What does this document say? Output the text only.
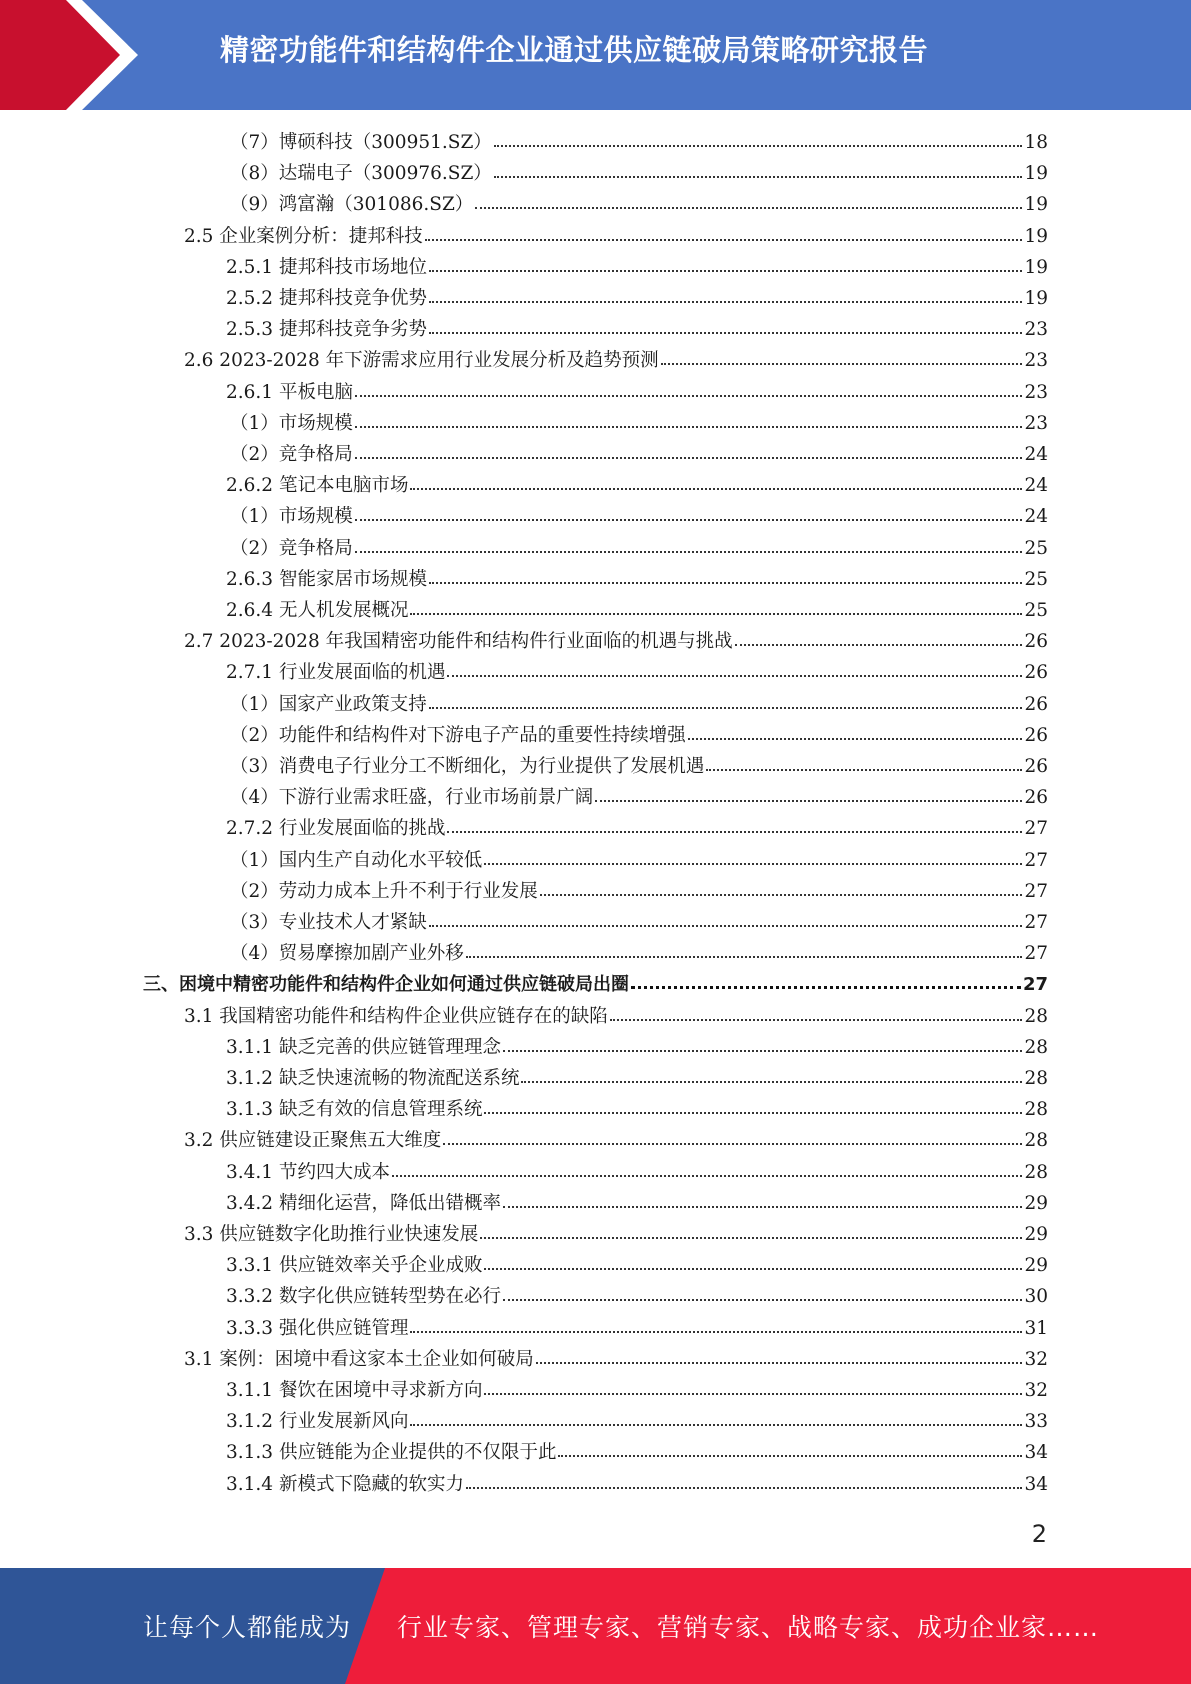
精密功能件和结构件企业通过供应链破局策略研究报告
（7）博硕科技（300951.SZ）	18
（8）达瑞电子（300976.SZ）	19
（9）鸿富瀚（301086.SZ）	19
2.5 企业案例分析：捷邦科技	19
2.5.1 捷邦科技市场地位	19
2.5.2 捷邦科技竞争优势	19
2.5.3 捷邦科技竞争劣势	23
2.6 2023-2028 年下游需求应用行业发展分析及趋势预测	23
2.6.1 平板电脑	23
（1）市场规模	23
（2）竞争格局	24
2.6.2 笔记本电脑市场	24
（1）市场规模	24
（2）竞争格局	25
2.6.3 智能家居市场规模	25
2.6.4 无人机发展概况	25
2.7 2023-2028 年我国精密功能件和结构件行业面临的机遇与挑战	26
2.7.1 行业发展面临的机遇	26
（1）国家产业政策支持	26
（2）功能件和结构件对下游电子产品的重要性持续增强	26
（3）消费电子行业分工不断细化，为行业提供了发展机遇	26
（4）下游行业需求旺盛，行业市场前景广阔	26
2.7.2 行业发展面临的挑战	27
（1）国内生产自动化水平较低	27
（2）劳动力成本上升不利于行业发展	27
（3）专业技术人才紧缺	27
（4）贸易摩擦加剧产业外移	27
三、困境中精密功能件和结构件企业如何通过供应链破局出圈	27
3.1 我国精密功能件和结构件企业供应链存在的缺陷	28
3.1.1 缺乏完善的供应链管理理念	28
3.1.2 缺乏快速流畅的物流配送系统	28
3.1.3 缺乏有效的信息管理系统	28
3.2 供应链建设正聚焦五大维度	28
3.4.1 节约四大成本	28
3.4.2 精细化运营，降低出错概率	29
3.3 供应链数字化助推行业快速发展	29
3.3.1 供应链效率关乎企业成败	29
3.3.2 数字化供应链转型势在必行	30
3.3.3 强化供应链管理	31
3.1 案例：困境中看这家本土企业如何破局	32
3.1.1 餐饮在困境中寻求新方向	32
3.1.2 行业发展新风向	33
3.1.3 供应链能为企业提供的不仅限于此	34
3.1.4 新模式下隐藏的软实力	34
2
让每个人都能成为 行业专家、管理专家、营销专家、战略专家、成功企业家……
